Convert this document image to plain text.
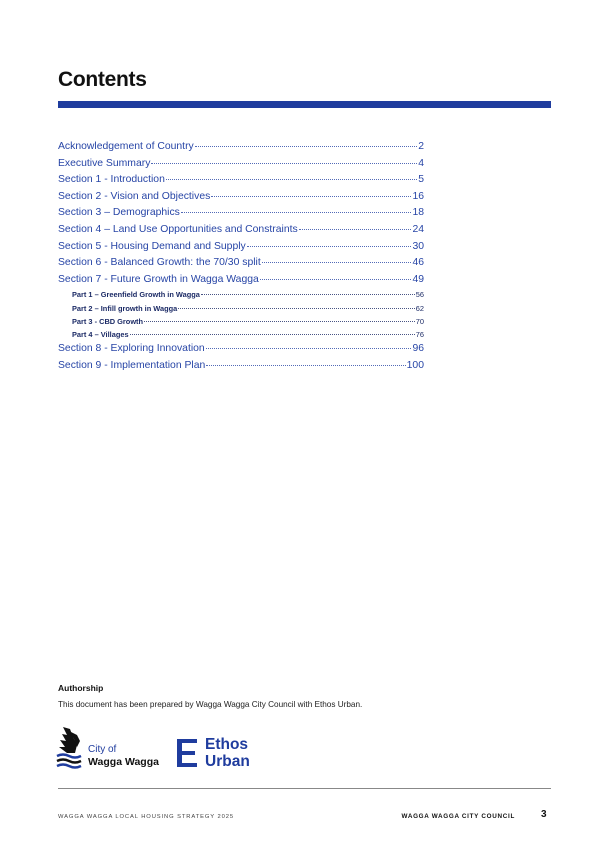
Contents
Acknowledgement of Country	2
Executive Summary	4
Section 1 - Introduction	5
Section 2 - Vision and Objectives	16
Section 3 – Demographics	18
Section 4 – Land Use Opportunities and Constraints	24
Section 5 - Housing Demand and Supply	30
Section 6 - Balanced Growth: the 70/30 split	46
Section 7 - Future Growth in Wagga Wagga	49
Part 1 – Greenfield Growth in Wagga	56
Part 2 – Infill growth in Wagga	62
Part 3 - CBD Growth	70
Part 4 – Villages	76
Section 8 - Exploring Innovation	96
Section 9 - Implementation Plan	100
Authorship
This document has been prepared by Wagga Wagga City Council with Ethos Urban.
City of
Wagga Wagga
Ethos
Urban
WAGGA WAGGA LOCAL HOUSING STRATEGY 2025	WAGGA WAGGA CITY COUNCIL	3
